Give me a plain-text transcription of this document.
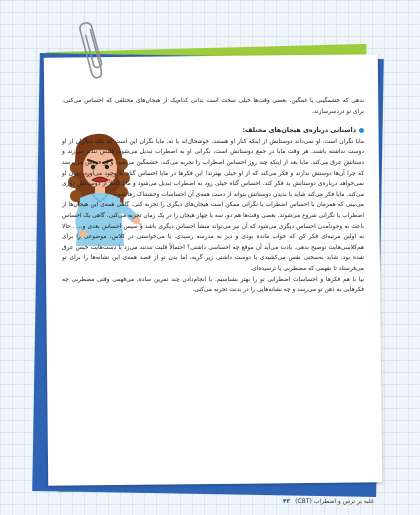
بدهی که خشمگینی یا غمگین. بعضی وقت‌ها خیلی سخت است بدانی کدام‌یک از هیجان‌های مختلفی که احساس می‌کنی، برای تو دردسرسازند.

داستانی درباره‌ی هیجان‌های مختلف:

مایا نگران است. او نمی‌داند دوستانش از اینکه کنار او هستند، خوشحال‌اند یا نه. مایا نگران این است که نکند دیگران از او دوست نداشته باشند. هر وقت مایا در جمع دوستانش است، نگرانی او به اضطراب تبدیل می‌شود: قلبش تندتر می‌زند و دستانش عرق می‌کند. مایا بعد از اینکه چند روز احساس اضطراب را تجربه می‌کند، خشمگین می‌شود و از خودش می‌پرسد که چرا آن‌ها دوستش ندارند و فکر می‌کند که از او خیلی بهترند! این فکرها در مایا احساس گناه به وجود می‌آورد، چون او نمی‌خواهد درباره‌ی دوستانش بد فکر کند. احساس گناه خیلی زود به اضطراب تبدیل می‌شود و مایا کاملاً از دوستانش دوری می‌کند. مایا فکر می‌کند شاید با ندیدن دوستانش بتواند از دست همه‌ی آن احساسات وحشتناک رها شود.

می‌بینی که همزمان با احساس اضطراب یا نگرانی ممکن است هیجان‌های دیگری را تجربه کنی. گاهی همه‌ی این هیجان‌ها از اضطراب یا نگرانی شروع می‌شوند. بعضی وقت‌ها هم دو، سه یا چهار هیجان را در یک زمان تجربه می‌کنی. گاهی یک احساس باعث به وجودآمدن احساس دیگری می‌شود که آن نیز می‌تواند منشأ احساس دیگری باشد و سپس احساس بعدی و... . حالا به اولین مرتبه‌ای فکر کن که خواب مانده بودی و دیر به مدرسه رسیدی. یا می‌خواستی در کلاس، موضوعی را برای هم‌کلاسی‌هایت توضیح بدهی. یادت می‌آید آن موقع چه احساسی داشتی؟ احتمالاً قلبت تندتند می‌زد یا دست‌هایت خیس عرق شده بود. شاید به‌سختی نفس می‌کشیدی یا دوست داشتی زیر گریه، اما بدن تو از قصد همه‌ی این نشانه‌ها را برای تو می‌فرستاد تا بفهمی که مضطربی یا ترسیده‌ای.

بیا با هم فکرها و احساسات اضطرابی تو را بهتر بشناسیم. با انجام‌دادن چند تمرین ساده، می‌فهمی وقتی مضطربی چه فکرهایی به ذهن تو می‌رسد و چه نشانه‌هایی را در بدنت تجربه می‌کنی.

غلبه بر ترس و اضطراب (CBT)
۴۳
